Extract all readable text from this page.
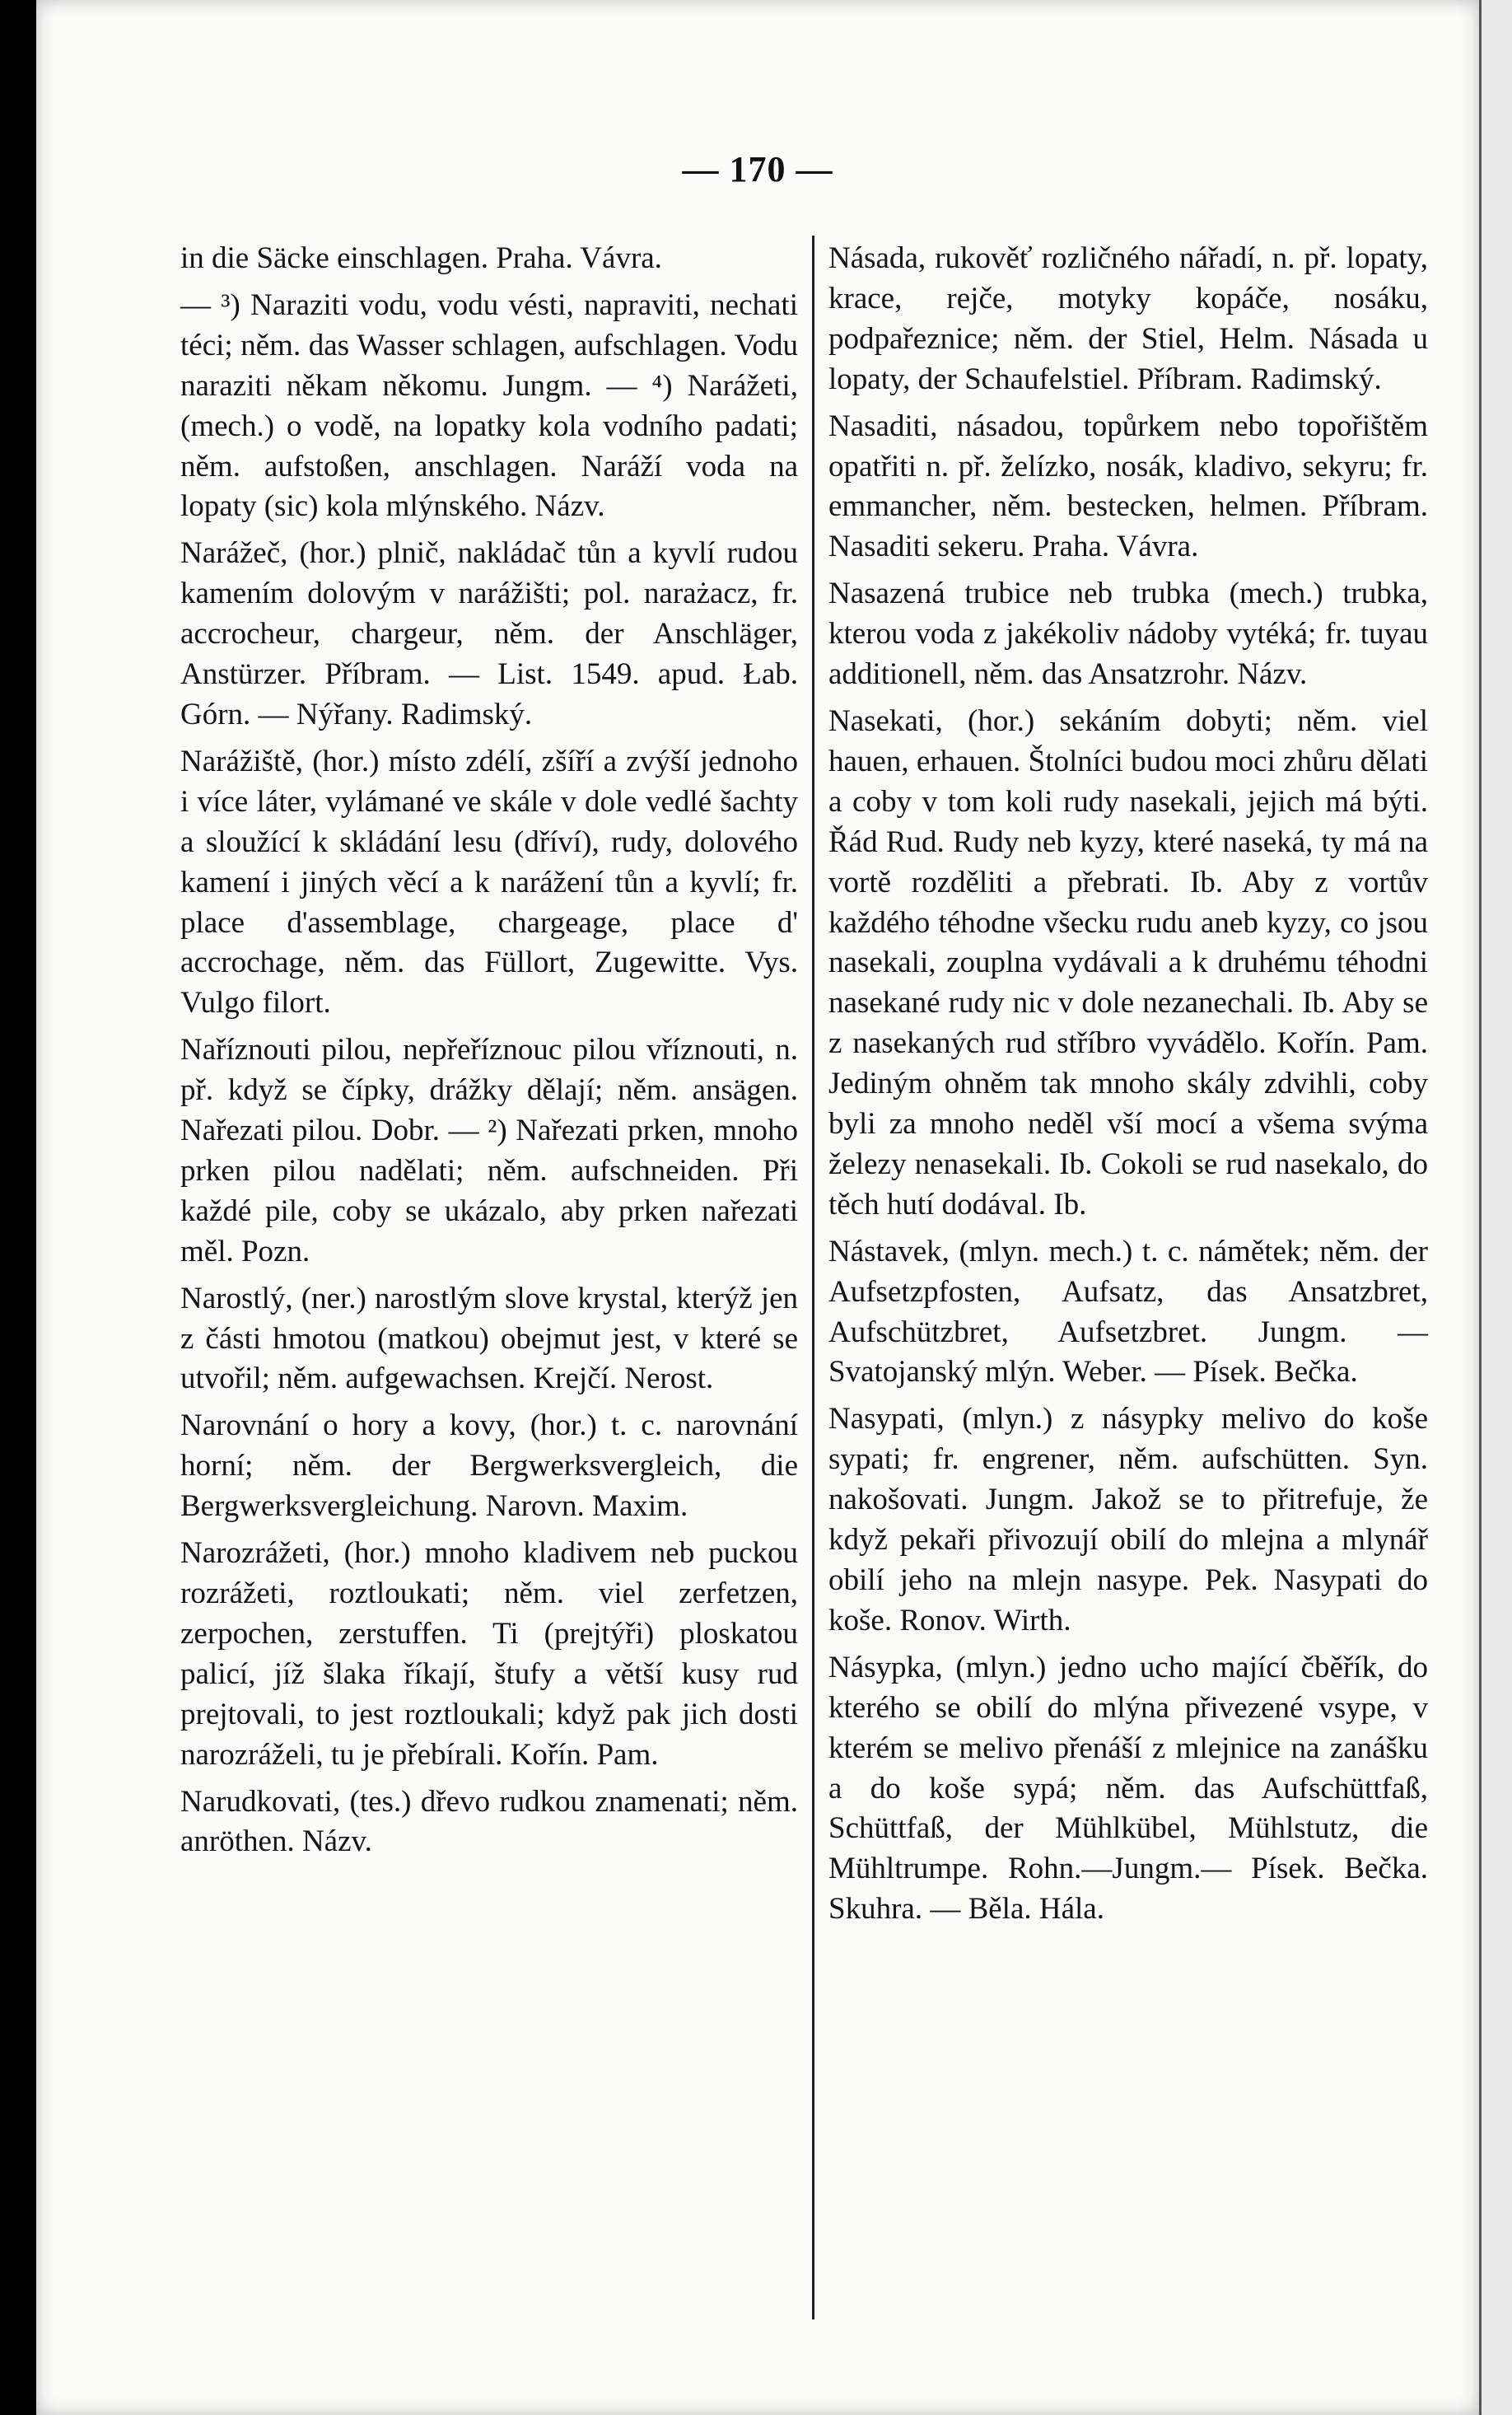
— 170 —

in die Säcke einschlagen. Praha. Vávra.

— ³) Naraziti vodu, vodu vésti, napraviti, nechati téci; něm. das Wasser schlagen, aufschlagen. Vodu naraziti někam někomu. Jungm. — ⁴) Narážeti, (mech.) o vodě, na lopatky kola vodního padati; něm. aufstoßen, anschlagen. Naráží voda na lopaty (sic) kola mlýnského. Názv.

Narážeč, (hor.) plnič, nakládač tůn a kyvlí rudou kamením dolovým v narážišti; pol. narażacz, fr. accrocheur, chargeur, něm. der Anschläger, Anstürzer. Příbram. — List. 1549. apud. Łab. Górn. — Nýřany. Radimský.

Narážiště, (hor.) místo zdélí, zšíří a zvýší jednoho i více láter, vylámané ve skále v dole vedlé šachty a sloužící k skládání lesu (dříví), rudy, dolového kamení i jiných věcí a k narážení tůn a kyvlí; fr. place d'assemblage, chargeage, place d' accrochage, něm. das Füllort, Zugewitte. Vys. Vulgo filort.

Naříznouti pilou, nepřeříznouc pilou vříznouti, n. př. když se čípky, drážky dělají; něm. ansägen. Nařezati pilou. Dobr. — ²) Nařezati prken, mnoho prken pilou nadělati; něm. aufschneiden. Při každé pile, coby se ukázalo, aby prken nařezati měl. Pozn.

Narostlý, (ner.) narostlým slove krystal, kterýž jen z části hmotou (matkou) obejmut jest, v které se utvořil; něm. aufgewachsen. Krejčí. Nerost.

Narovnání o hory a kovy, (hor.) t. c. narovnání horní; něm. der Bergwerksvergleich, die Bergwerksvergleichung. Narovn. Maxim.

Narozrážeti, (hor.) mnoho kladivem neb puckou rozrážeti, roztloukati; něm. viel zerfetzen, zerpochen, zerstuffen. Ti (prejtýři) ploskatou palicí, jíž šlaka říkají, štufy a větší kusy rud prejtovali, to jest roztloukali; když pak jich dosti narozráželi, tu je přebírali. Kořín. Pam.

Narudkovati, (tes.) dřevo rudkou znamenati; něm. anröthen. Názv.

Násada, rukověť rozličného nářadí, n. př. lopaty, krace, rejče, motyky kopáče, nosáku, podpařeznice; něm. der Stiel, Helm. Násada u lopaty, der Schaufelstiel. Příbram. Radimský.

Nasaditi, násadou, topůrkem nebo topořištěm opatřiti n. př. želízko, nosák, kladivo, sekyru; fr. emmancher, něm. bestecken, helmen. Příbram. Nasaditi sekeru. Praha. Vávra.

Nasazená trubice neb trubka (mech.) trubka, kterou voda z jakékoliv nádoby vytéká; fr. tuyau additionell, něm. das Ansatzrohr. Názv.

Nasekati, (hor.) sekáním dobyti; něm. viel hauen, erhauen. Štolníci budou moci zhůru dělati a coby v tom koli rudy nasekali, jejich má býti. Řád Rud. Rudy neb kyzy, které naseká, ty má na vortě rozděliti a přebrati. Ib. Aby z vortův každého téhodne všecku rudu aneb kyzy, co jsou nasekali, zouplna vydávali a k druhému téhodni nasekané rudy nic v dole nezanechali. Ib. Aby se z nasekaných rud stříbro vyvádělo. Kořín. Pam. Jediným ohněm tak mnoho skály zdvihli, coby byli za mnoho neděl vší mocí a všema svýma železy nenasekali. Ib. Cokoli se rud nasekalo, do těch hutí dodával. Ib.

Nástavek, (mlyn. mech.) t. c. námětek; něm. der Aufsetzpfosten, Aufsatz, das Ansatzbret, Aufschützbret, Aufsetzbret. Jungm. — Svatojanský mlýn. Weber. — Písek. Bečka.

Nasypati, (mlyn.) z násypky melivo do koše sypati; fr. engrener, něm. aufschütten. Syn. nakošovati. Jungm. Jakož se to přitrefuje, že když pekaři přivozují obilí do mlejna a mlynář obilí jeho na mlejn nasype. Pek. Nasypati do koše. Ronov. Wirth.

Násypka, (mlyn.) jedno ucho mající čběřík, do kterého se obilí do mlýna přivezené vsype, v kterém se melivo přenáší z mlejnice na zanášku a do koše sypá; něm. das Aufschüttfaß, Schüttfaß, der Mühlkübel, Mühlstutz, die Mühltrumpe. Rohn.—Jungm.— Písek. Bečka. Skuhra. — Běla. Hála.
